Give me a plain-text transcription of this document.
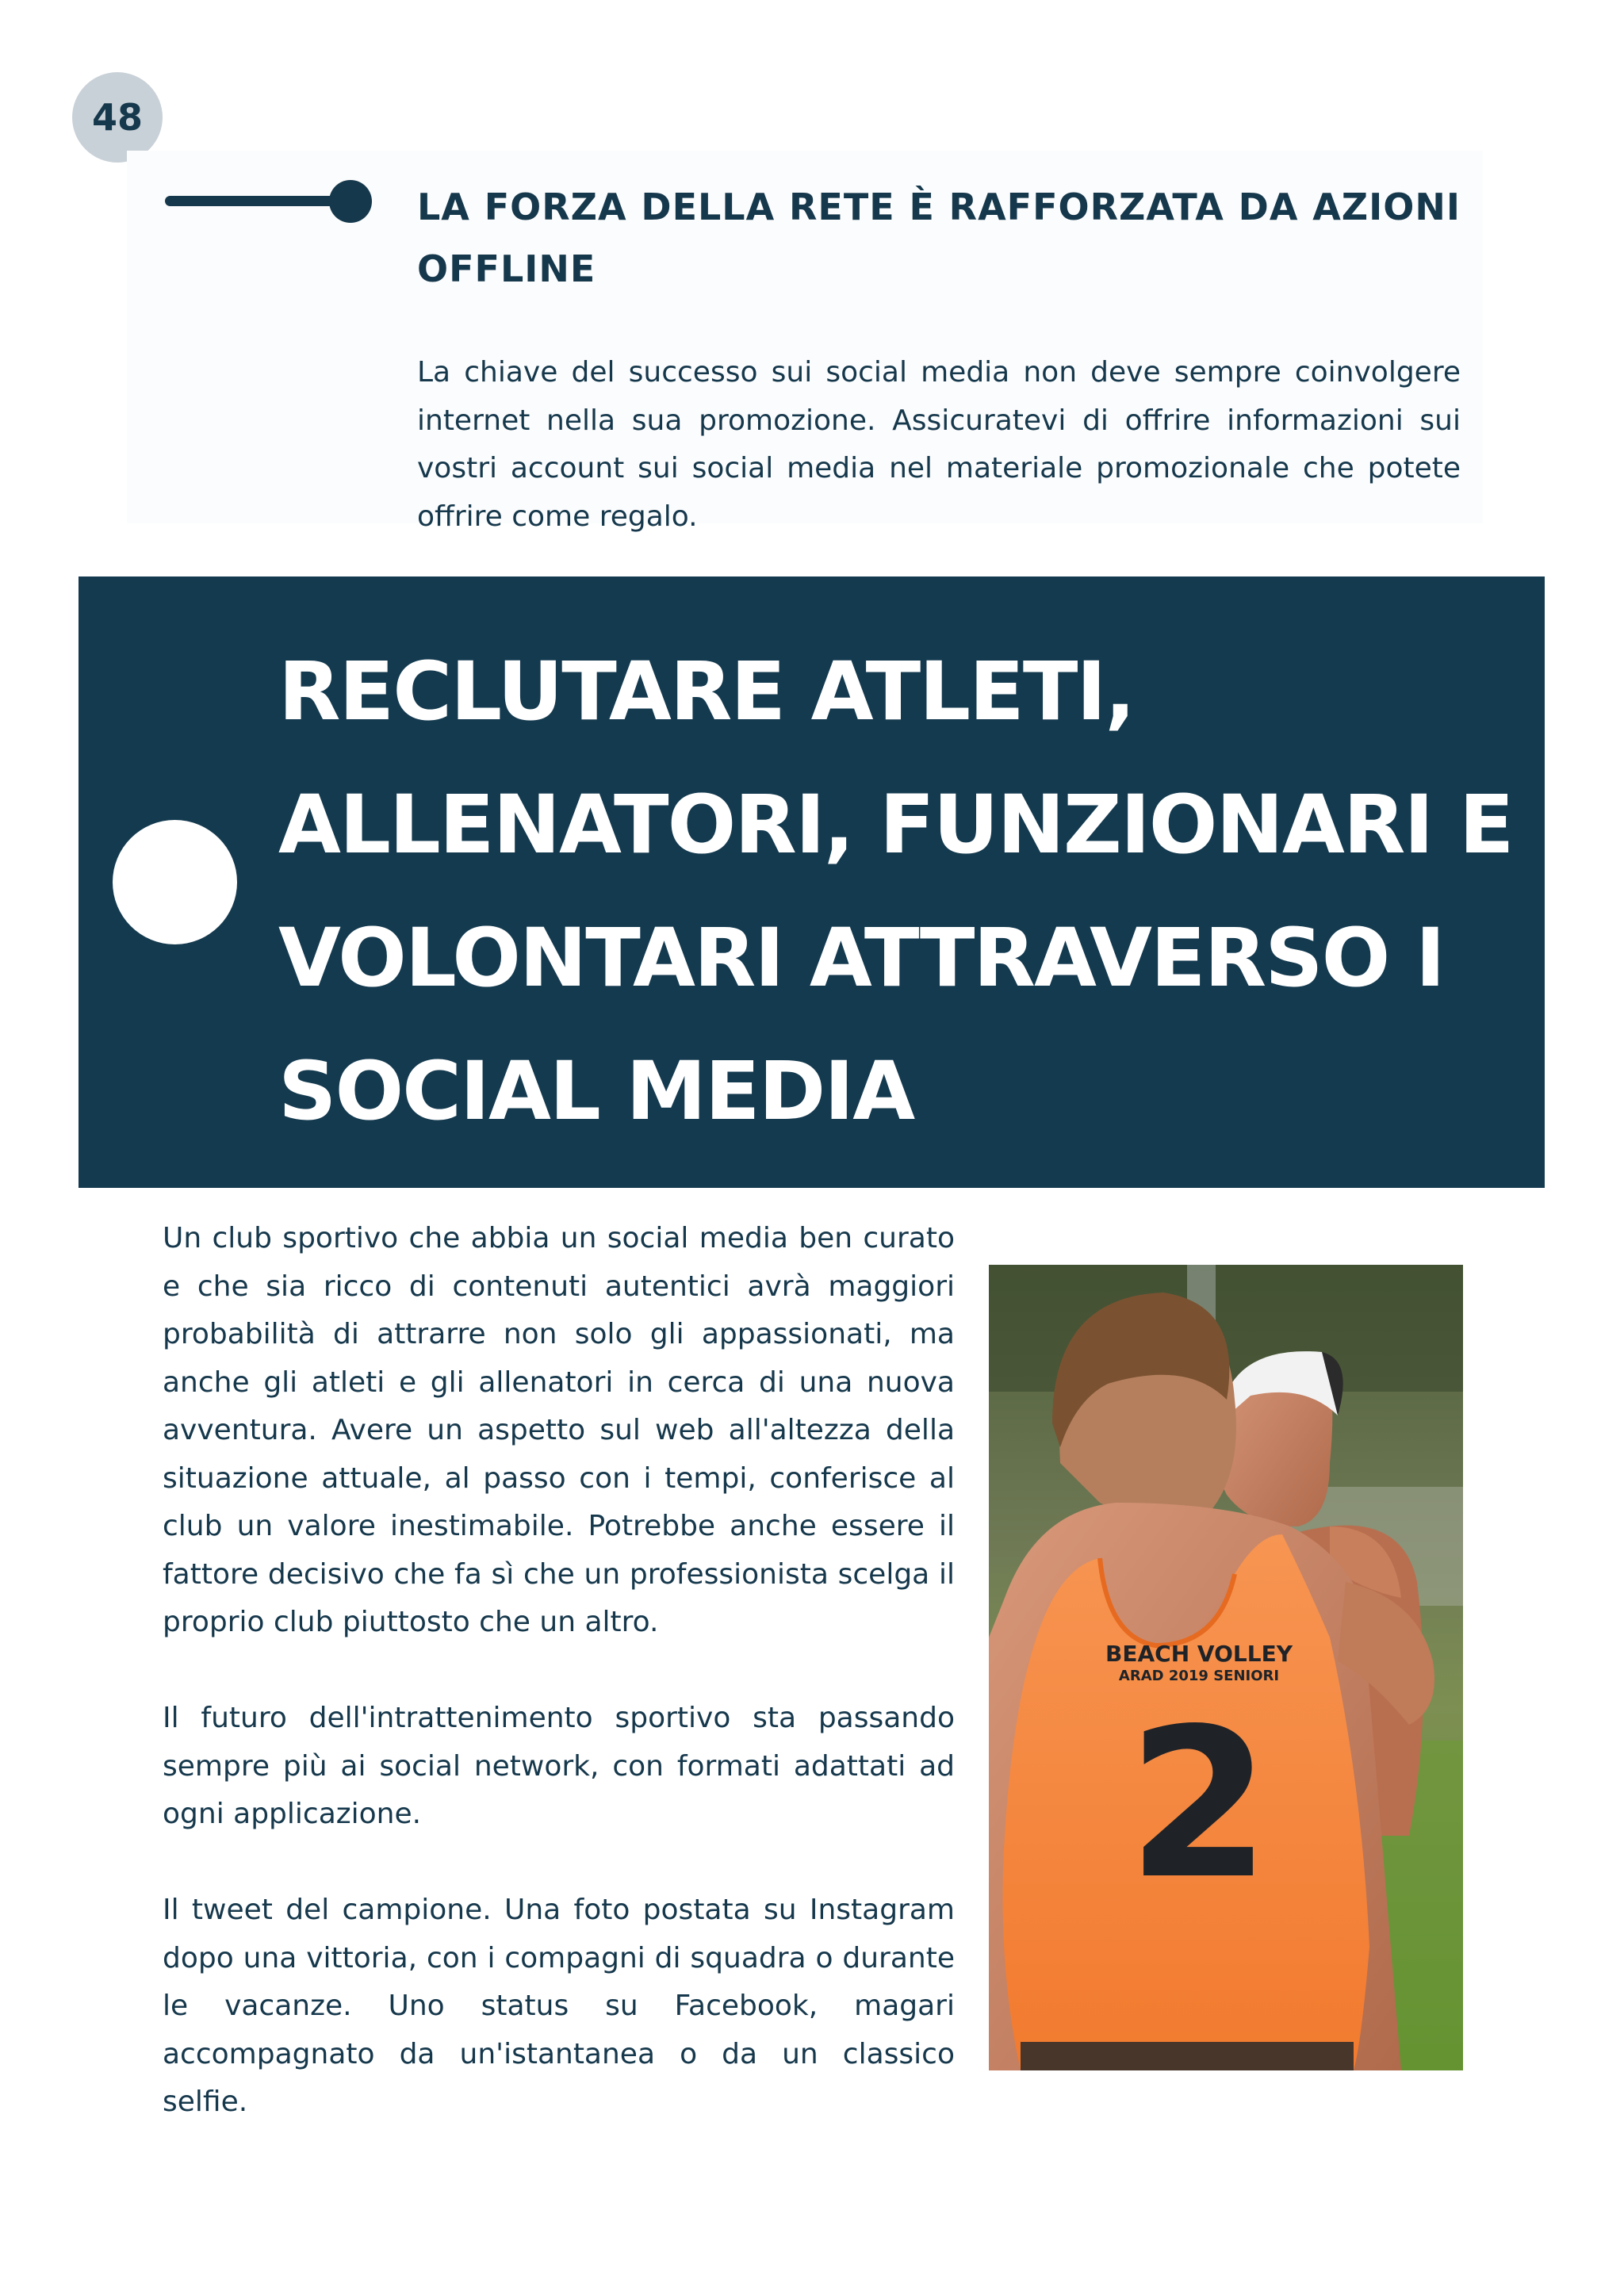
48
LA FORZA DELLA RETE È RAFFORZATA DA AZIONI OFFLINE

La chiave del successo sui social media non deve sempre coinvolgere internet nella sua promozione. Assicuratevi di offrire informazioni sui vostri account sui social media nel materiale promozionale che potete offrire come regalo.

RECLUTARE ATLETI, ALLENATORI, FUNZIONARI E VOLONTARI ATTRAVERSO I SOCIAL MEDIA

Un club sportivo che abbia un social media ben curato e che sia ricco di contenuti autentici avrà maggiori probabilità di attrarre non solo gli appassionati, ma anche gli atleti e gli allenatori in cerca di una nuova avventura. Avere un aspetto sul web all'altezza della situazione attuale, al passo con i tempi, conferisce al club un valore inestimabile. Potrebbe anche essere il fattore decisivo che fa sì che un professionista scelga il proprio club piuttosto che un altro.

Il futuro dell'intrattenimento sportivo sta passando sempre più ai social network, con formati adattati ad ogni applicazione.

Il tweet del campione. Una foto postata su Instagram dopo una vittoria, con i compagni di squadra o durante le vacanze. Uno status su Facebook, magari accompagnato da un'istantanea o da un classico selfie.

BEACH VOLLEY
ARAD 2019 SENIORI
2
